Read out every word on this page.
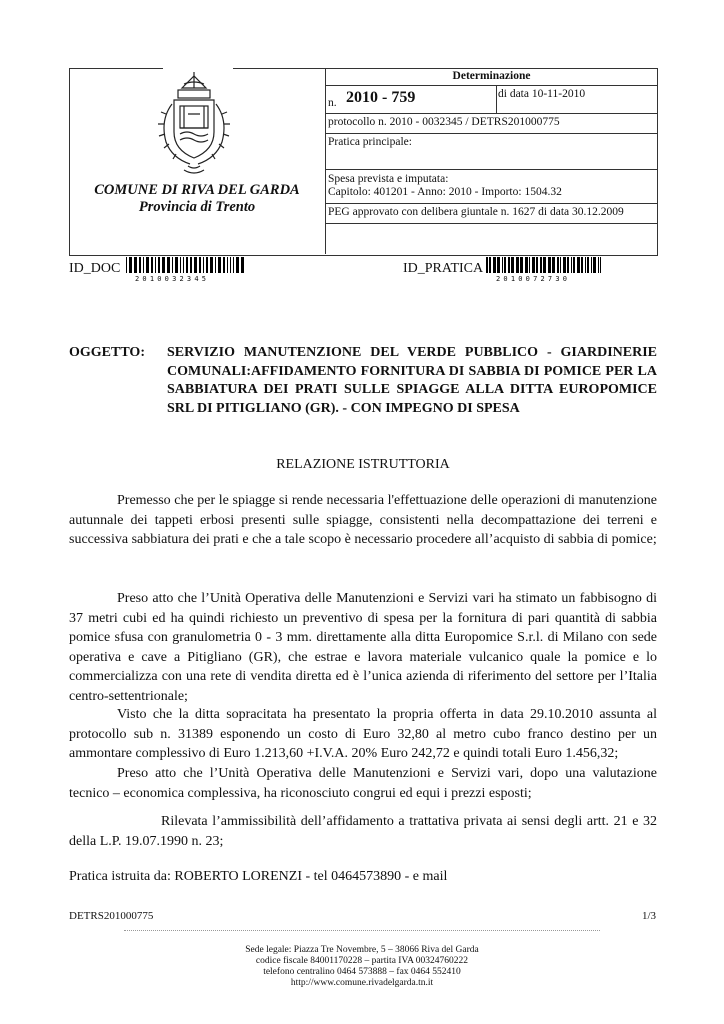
COMUNE DI RIVA DEL GARDA
Provincia di Trento
Determinazione
n. 2010 - 759	di data 10-11-2010
protocollo n. 2010 - 0032345 / DETRS201000775
Pratica principale:
Spesa prevista e imputata:
Capitolo: 401201 - Anno: 2010 - Importo: 1504.32
PEG approvato con delibera giuntale n. 1627 di data 30.12.2009
ID_DOC
2010032345
ID_PRATICA
2010072730
OGGETTO: SERVIZIO MANUTENZIONE DEL VERDE PUBBLICO - GIARDINERIE COMUNALI:AFFIDAMENTO FORNITURA DI SABBIA DI POMICE PER LA SABBIATURA DEI PRATI SULLE SPIAGGE ALLA DITTA EUROPOMICE SRL DI PITIGLIANO (GR). - CON IMPEGNO DI SPESA
RELAZIONE ISTRUTTORIA
Premesso che per le spiagge si rende necessaria l'effettuazione delle operazioni di manutenzione autunnale dei tappeti erbosi presenti sulle spiagge, consistenti nella decompattazione dei terreni e successiva sabbiatura dei prati e che a tale scopo è necessario procedere all’acquisto di sabbia di pomice;
Preso atto che l’Unità Operativa delle Manutenzioni e Servizi vari ha stimato un fabbisogno di 37 metri cubi ed ha quindi richiesto un preventivo di spesa per la fornitura di pari quantità di sabbia pomice sfusa con granulometria 0 - 3 mm. direttamente alla ditta Europomice S.r.l. di Milano con sede operativa e cave a Pitigliano (GR), che estrae e lavora materiale vulcanico quale la pomice e lo commercializza con una rete di vendita diretta ed è l’unica azienda di riferimento del settore per l’Italia centro-settentrionale;
Visto che la ditta sopracitata ha presentato la propria offerta in data 29.10.2010 assunta al protocollo sub n. 31389 esponendo un costo di Euro 32,80 al metro cubo franco destino per un ammontare complessivo di Euro 1.213,60 +I.V.A. 20% Euro 242,72 e quindi totali Euro 1.456,32;
Preso atto che l’Unità Operativa delle Manutenzioni e Servizi vari, dopo una valutazione tecnico – economica complessiva, ha riconosciuto congrui ed equi i prezzi esposti;
Rilevata l’ammissibilità dell’affidamento a trattativa privata ai sensi degli artt. 21 e 32 della L.P. 19.07.1990 n. 23;
Pratica istruita da: ROBERTO LORENZI - tel 0464573890 - e mail
DETRS201000775	1/3
Sede legale: Piazza Tre Novembre, 5 – 38066 Riva del Garda
codice fiscale 84001170228 – partita IVA 00324760222
telefono centralino 0464 573888 – fax 0464 552410
http://www.comune.rivadelgarda.tn.it
